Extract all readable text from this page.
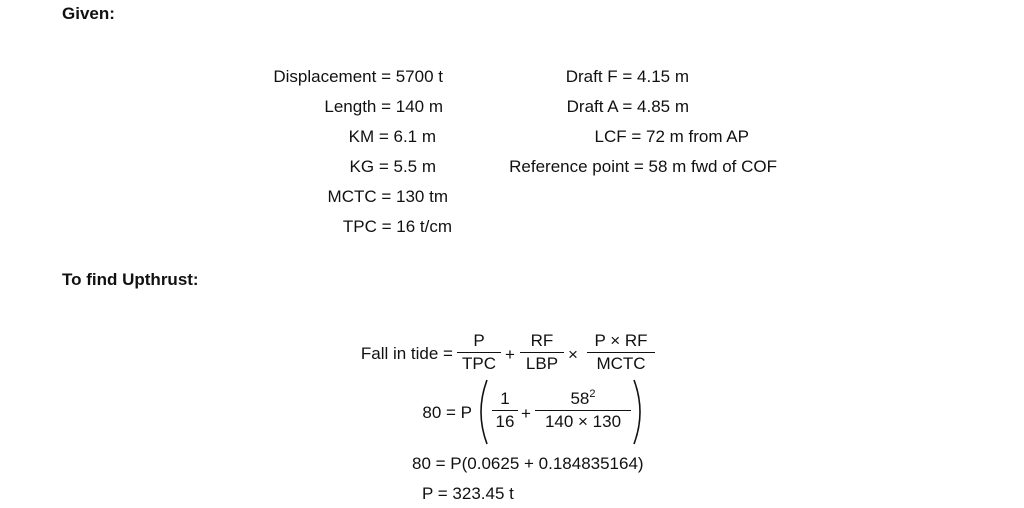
Given:
To find Upthrust:
Displacement = 5700 t
Length = 140 m
KM = 6.1 m
KG = 5.5 m
MCTC = 130 tm
TPC = 16 t/cm
Draft F = 4.15 m
Draft A = 4.85 m
LCF = 72 m from AP
Reference point = 58 m fwd of COF
Fall in tide =
P
TPC +
RF
LBP ×
P × RF
MCTC
80 = P
1
16 +
$58^2$
140 × 130
80 = P(0.0625 + 0.184835164)
P = 323.45 t
